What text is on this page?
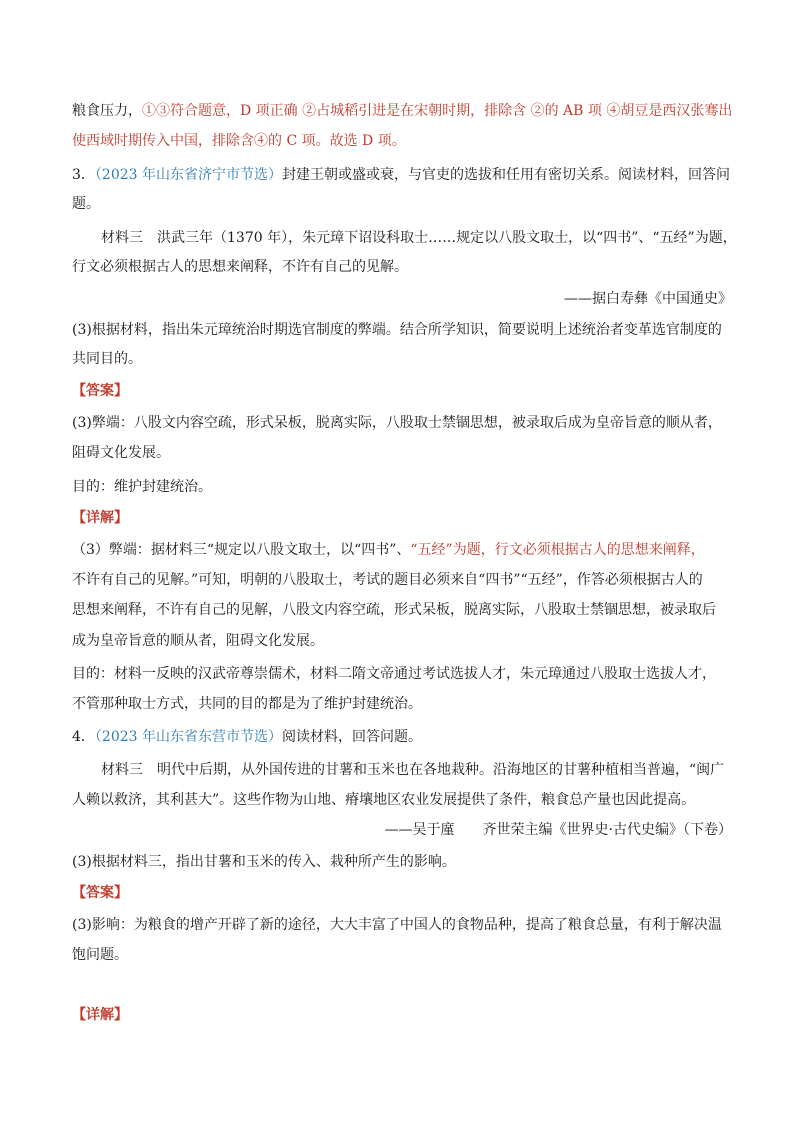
粮食压力，①③符合题意，D 项正确 ②占城稻引进是在宋朝时期，排除含 ②的 AB 项 ④胡豆是西汉张骞出
使西域时期传入中国，排除含④的 C 项。故选 D 项。
3．（2023 年山东省济宁市节选）封建王朝或盛或衰，与官吏的选拔和任用有密切关系。阅读材料，回答问
题。
材料三　洪武三年（1370 年），朱元璋下诏设科取士……规定以八股文取士，以“四书”、“五经”为题，
行文必须根据古人的思想来阐释，不许有自己的见解。
——据白寿彝《中国通史》
(3)根据材料，指出朱元璋统治时期选官制度的弊端。结合所学知识，简要说明上述统治者变革选官制度的
共同目的。
【答案】
(3)弊端：八股文内容空疏，形式呆板，脱离实际，八股取士禁锢思想，被录取后成为皇帝旨意的顺从者，
阻碍文化发展。
目的：维护封建统治。
【详解】
（3）弊端：据材料三“规定以八股文取士，以“四书”、“五经”为题，行文必须根据古人的思想来阐释，
不许有自己的见解。”可知，明朝的八股取士，考试的题目必须来自“四书”“五经”，作答必须根据古人的
思想来阐释，不许有自己的见解，八股文内容空疏，形式呆板，脱离实际，八股取士禁锢思想，被录取后
成为皇帝旨意的顺从者，阻碍文化发展。
目的：材料一反映的汉武帝尊崇儒术，材料二隋文帝通过考试选拔人才，朱元璋通过八股取士选拔人才，
不管那种取士方式，共同的目的都是为了维护封建统治。
4．（2023 年山东省东营市节选）阅读材料，回答问题。
材料三　明代中后期，从外国传进的甘薯和玉米也在各地栽种。沿海地区的甘薯种植相当普遍，“闽广
人赖以救济，其利甚大”。这些作物为山地、瘠壤地区农业发展提供了条件，粮食总产量也因此提高。
——吴于廑　　齐世荣主编《世界史·古代史编》（下卷）
(3)根据材料三，指出甘薯和玉米的传入、栽种所产生的影响。
【答案】
(3)影响：为粮食的增产开辟了新的途径，大大丰富了中国人的食物品种，提高了粮食总量，有利于解决温
饱问题。
【详解】
